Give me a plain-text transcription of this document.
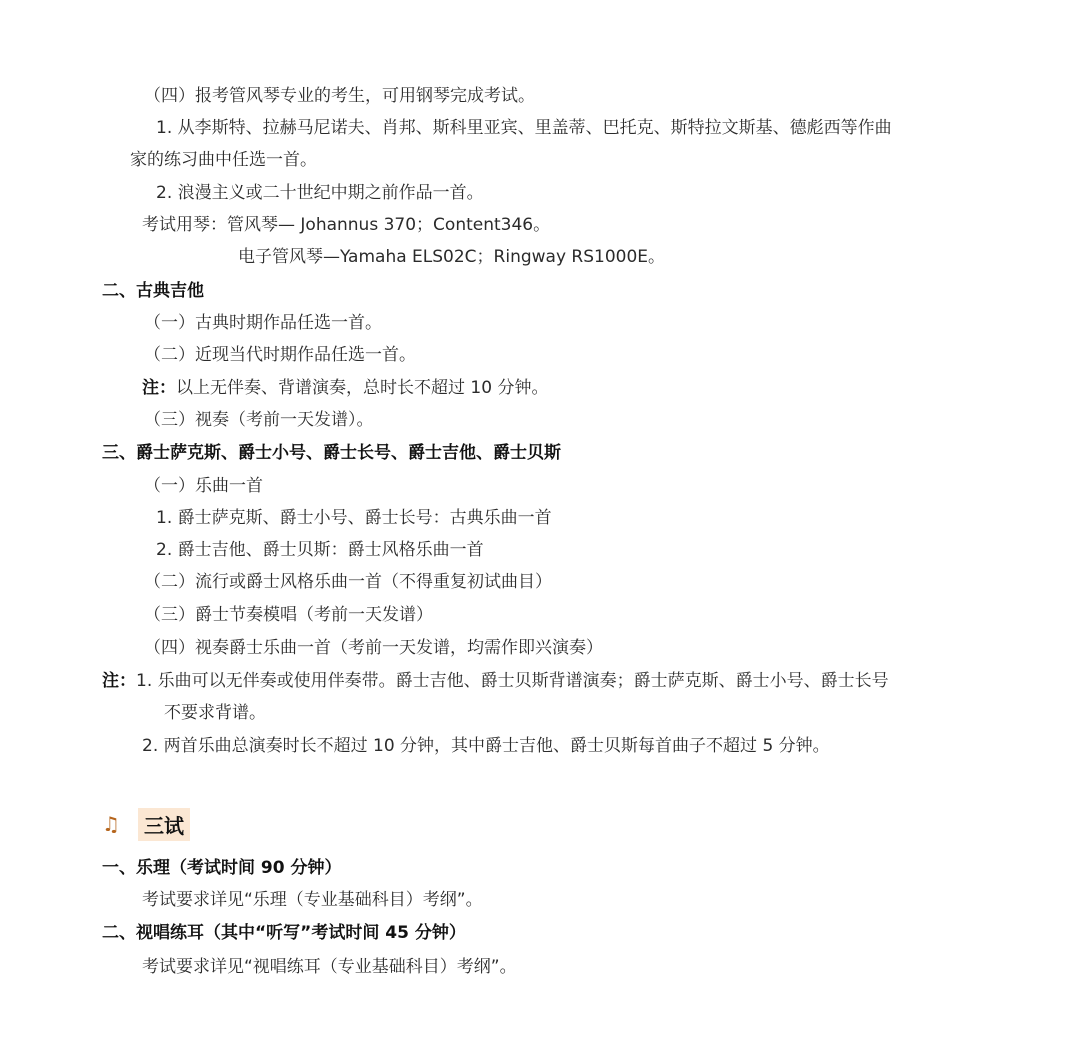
（四）报考管风琴专业的考生，可用钢琴完成考试。
1. 从李斯特、拉赫马尼诺夫、肖邦、斯科里亚宾、里盖蒂、巴托克、斯特拉文斯基、德彪西等作曲
家的练习曲中任选一首。
2. 浪漫主义或二十世纪中期之前作品一首。
考试用琴：管风琴— Johannus 370；Content346。
电子管风琴—Yamaha ELS02C；Ringway RS1000E。
二、古典吉他
（一）古典时期作品任选一首。
（二）近现当代时期作品任选一首。
注：以上无伴奏、背谱演奏，总时长不超过 10 分钟。
（三）视奏（考前一天发谱）。
三、爵士萨克斯、爵士小号、爵士长号、爵士吉他、爵士贝斯
（一）乐曲一首
1. 爵士萨克斯、爵士小号、爵士长号：古典乐曲一首
2. 爵士吉他、爵士贝斯：爵士风格乐曲一首
（二）流行或爵士风格乐曲一首（不得重复初试曲目）
（三）爵士节奏模唱（考前一天发谱）
（四）视奏爵士乐曲一首（考前一天发谱，均需作即兴演奏）
注：1. 乐曲可以无伴奏或使用伴奏带。爵士吉他、爵士贝斯背谱演奏；爵士萨克斯、爵士小号、爵士长号
不要求背谱。
2. 两首乐曲总演奏时长不超过 10 分钟，其中爵士吉他、爵士贝斯每首曲子不超过 5 分钟。
♫	三试
一、乐理（考试时间 90 分钟）
考试要求详见“乐理（专业基础科目）考纲”。
二、视唱练耳（其中“听写”考试时间 45 分钟）
考试要求详见“视唱练耳（专业基础科目）考纲”。
